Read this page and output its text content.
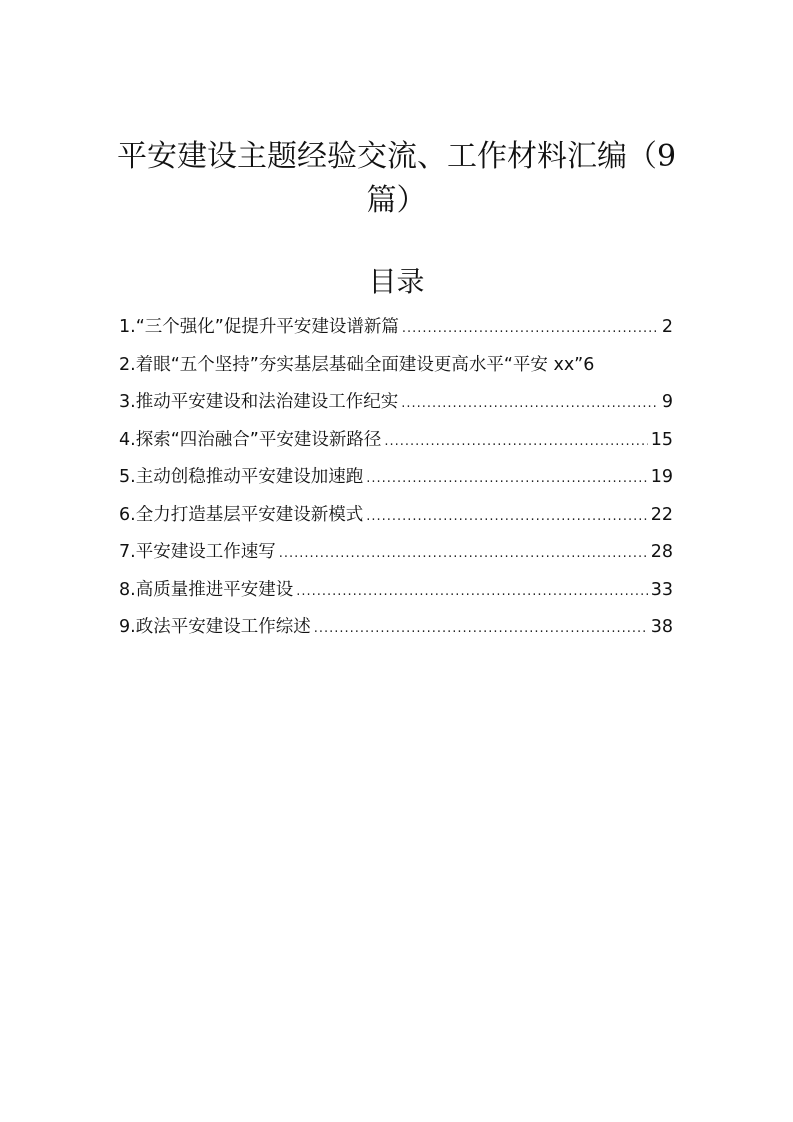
平安建设主题经验交流、工作材料汇编（9
篇）
目录
1.“三个强化”促提升平安建设谱新篇 .....	2
2.着眼“五个坚持”夯实基层基础全面建设更高水平“平安 xx” 6
3.推动平安建设和法治建设工作纪实 .....	9
4.探索“四治融合”平安建设新路径 .....	15
5.主动创稳推动平安建设加速跑 .....	19
6.全力打造基层平安建设新模式 .....	22
7.平安建设工作速写 .....	28
8.高质量推进平安建设 .....	33
9.政法平安建设工作综述 .....	38
